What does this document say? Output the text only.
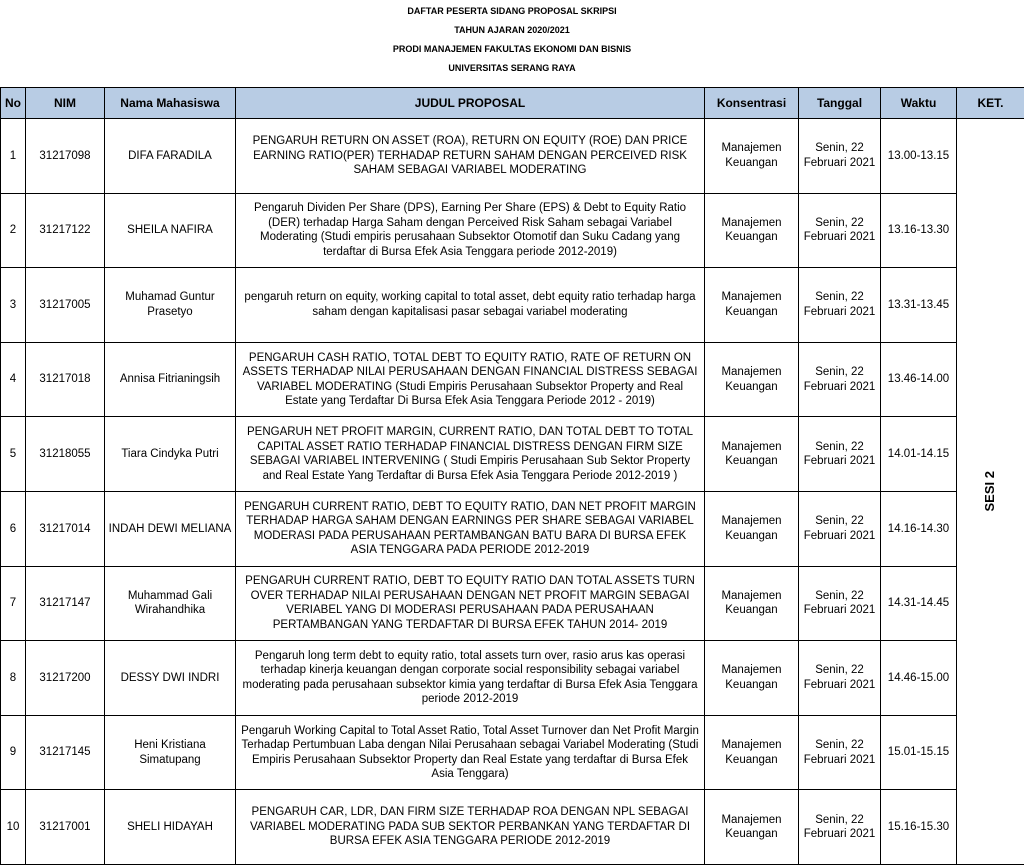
DAFTAR PESERTA SIDANG PROPOSAL SKRIPSI
TAHUN AJARAN 2020/2021
PRODI MANAJEMEN FAKULTAS EKONOMI DAN BISNIS
UNIVERSITAS SERANG RAYA
No	NIM	Nama Mahasiswa	JUDUL PROPOSAL	Konsentrasi	Tanggal	Waktu	KET.
1	31217098	DIFA FARADILA	PENGARUH RETURN ON ASSET (ROA), RETURN ON EQUITY (ROE) DAN PRICE EARNING RATIO(PER) TERHADAP RETURN SAHAM DENGAN PERCEIVED RISK SAHAM SEBAGAI VARIABEL MODERATING	Manajemen Keuangan	Senin, 22 Februari 2021	13.00-13.15	SESI 2
2	31217122	SHEILA NAFIRA	Pengaruh Dividen Per Share (DPS), Earning Per Share (EPS) & Debt to Equity Ratio (DER) terhadap Harga Saham dengan Perceived Risk Saham sebagai Variabel Moderating (Studi empiris perusahaan Subsektor Otomotif dan Suku Cadang yang terdaftar di Bursa Efek Asia Tenggara periode 2012-2019)	Manajemen Keuangan	Senin, 22 Februari 2021	13.16-13.30	
3	31217005	Muhamad Guntur Prasetyo	pengaruh return on equity, working capital to total asset, debt equity ratio terhadap harga saham dengan kapitalisasi pasar sebagai variabel moderating	Manajemen Keuangan	Senin, 22 Februari 2021	13.31-13.45	
4	31217018	Annisa Fitrianingsih	PENGARUH CASH RATIO, TOTAL DEBT TO EQUITY RATIO, RATE OF RETURN ON ASSETS TERHADAP NILAI PERUSAHAAN DENGAN FINANCIAL DISTRESS SEBAGAI VARIABEL MODERATING (Studi Empiris Perusahaan Subsektor Property and Real Estate yang Terdaftar Di Bursa Efek Asia Tenggara Periode 2012 - 2019)	Manajemen Keuangan	Senin, 22 Februari 2021	13.46-14.00	
5	31218055	Tiara Cindyka Putri	PENGARUH NET PROFIT MARGIN, CURRENT RATIO, DAN TOTAL DEBT TO TOTAL CAPITAL ASSET RATIO TERHADAP FINANCIAL DISTRESS DENGAN FIRM SIZE SEBAGAI VARIABEL INTERVENING ( Studi Empiris Perusahaan Sub Sektor Property and Real Estate Yang Terdaftar di Bursa Efek Asia Tenggara Periode 2012-2019 )	Manajemen Keuangan	Senin, 22 Februari 2021	14.01-14.15	
6	31217014	INDAH DEWI MELIANA	PENGARUH CURRENT RATIO, DEBT TO EQUITY RATIO, DAN NET PROFIT MARGIN TERHADAP HARGA SAHAM DENGAN EARNINGS PER SHARE SEBAGAI VARIABEL MODERASI PADA PERUSAHAAN PERTAMBANGAN BATU BARA DI BURSA EFEK ASIA TENGGARA PADA PERIODE 2012-2019	Manajemen Keuangan	Senin, 22 Februari 2021	14.16-14.30	
7	31217147	Muhammad Gali Wirahandhika	PENGARUH CURRENT RATIO, DEBT TO EQUITY RATIO DAN TOTAL ASSETS TURN OVER TERHADAP NILAI PERUSAHAAN DENGAN NET PROFIT MARGIN SEBAGAI VERIABEL YANG DI MODERASI PERUSAHAAN PADA PERUSAHAAN PERTAMBANGAN YANG TERDAFTAR DI BURSA EFEK TAHUN 2014- 2019	Manajemen Keuangan	Senin, 22 Februari 2021	14.31-14.45	
8	31217200	DESSY DWI INDRI	Pengaruh long term debt to equity ratio, total assets turn over, rasio arus kas operasi terhadap kinerja keuangan dengan corporate social responsibility sebagai variabel moderating pada perusahaan subsektor kimia yang terdaftar di Bursa Efek Asia Tenggara periode 2012-2019	Manajemen Keuangan	Senin, 22 Februari 2021	14.46-15.00	
9	31217145	Heni Kristiana Simatupang	Pengaruh Working Capital to Total Asset Ratio, Total Asset Turnover dan Net Profit Margin Terhadap Pertumbuan Laba dengan Nilai Perusahaan sebagai Variabel Moderating (Studi Empiris Perusahaan Subsektor Property dan Real Estate yang terdaftar di Bursa Efek Asia Tenggara)	Manajemen Keuangan	Senin, 22 Februari 2021	15.01-15.15	
10	31217001	SHELI HIDAYAH	PENGARUH CAR, LDR, DAN FIRM SIZE TERHADAP ROA DENGAN NPL SEBAGAI VARIABEL MODERATING PADA SUB SEKTOR PERBANKAN YANG TERDAFTAR DI BURSA EFEK ASIA TENGGARA PERIODE 2012-2019	Manajemen Keuangan	Senin, 22 Februari 2021	15.16-15.30	
